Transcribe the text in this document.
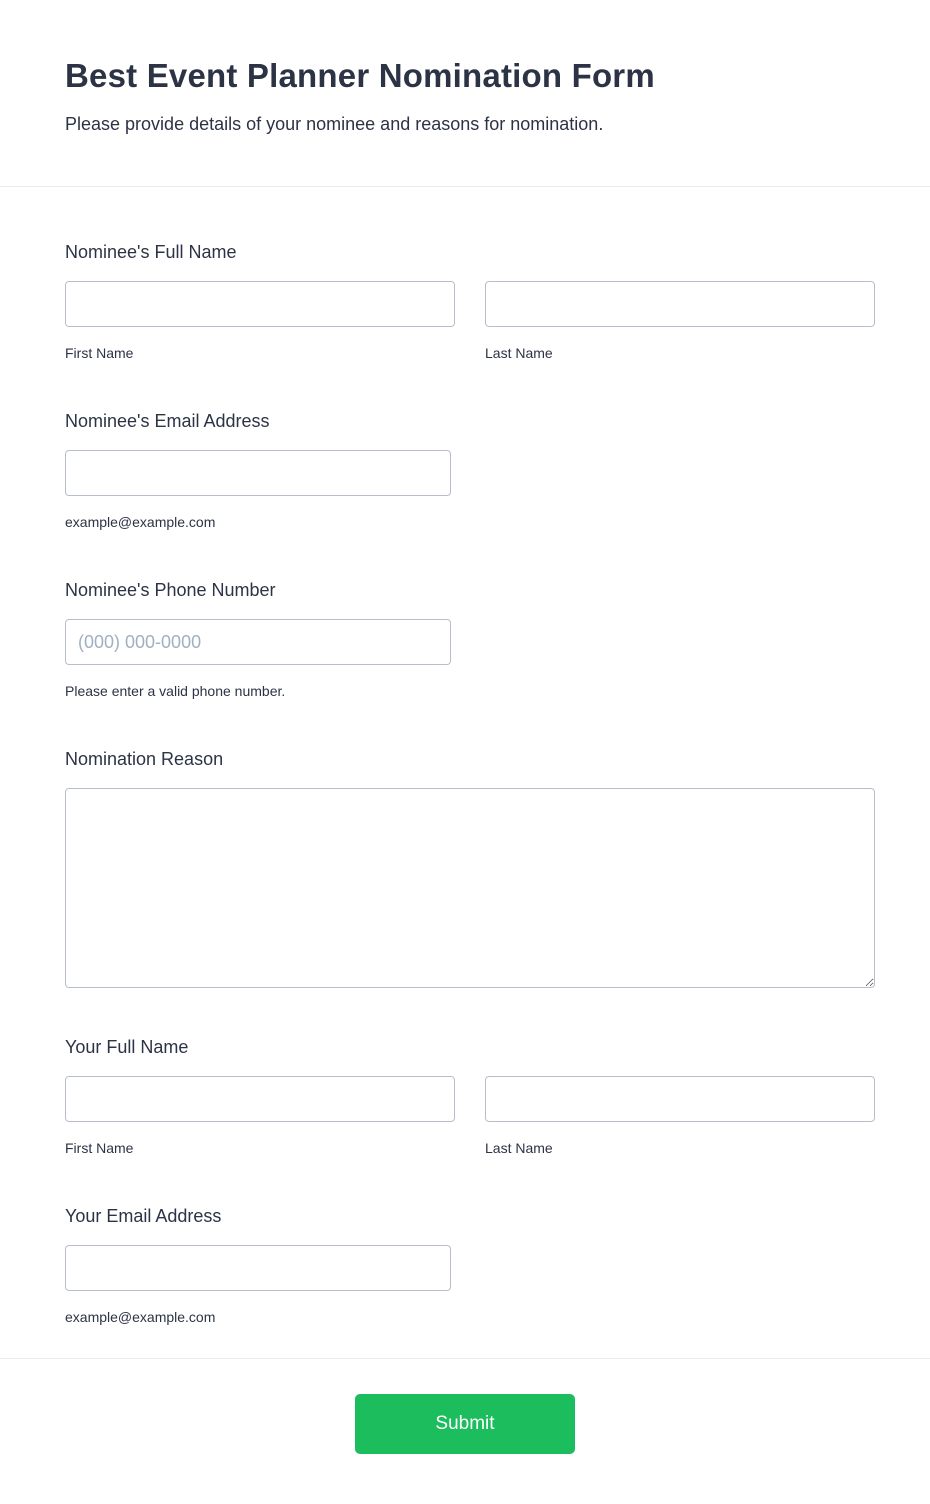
Best Event Planner Nomination Form
Please provide details of your nominee and reasons for nomination.
Nominee's Full Name
First Name	Last Name
Nominee's Email Address
example@example.com
Nominee's Phone Number
(000) 000-0000
Please enter a valid phone number.
Nomination Reason
Your Full Name
First Name	Last Name
Your Email Address
example@example.com
Submit
